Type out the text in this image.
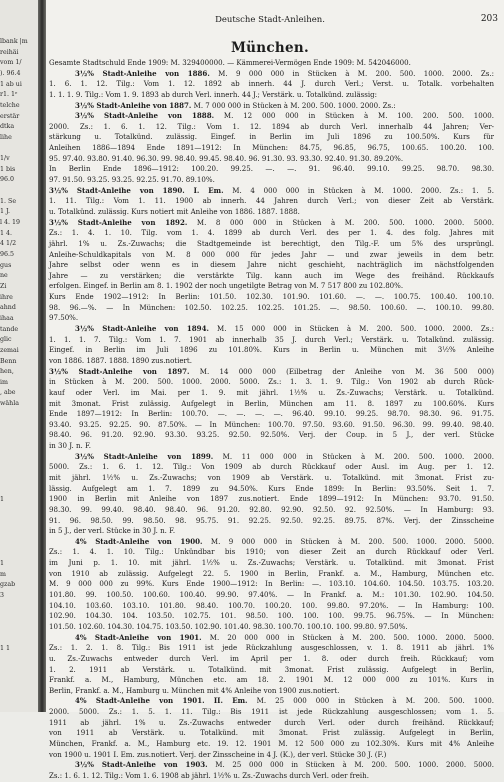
lbank |m
reihäi
vom 1/
). 96.4
1 ab ui
r1. 1ᵉ
telche
erstär
dtka
lihe
1/v
1 bis
96.0
1. Se
1 J.
l 4. 19
1 4.
4 1/2
96.5
gus
ne
Zi
ihre
ahnd
ihaa
tande
glic
zemai
Benn
hen,
im
, abe
wähla
1
1
m
gzab
3
1 1
Deutsche Stadt-Anleihen.	203
München.
Gesamte Stadtschuld Ende 1909: M. 329400000. — Kämmerei-Vermögen Ende 1909: M. 542046000.
3½% Stadt-Anleihe von 1886. M. 9 000 000 in Stücken à M. 200. 500. 1000. 2000. Zs.:
1. 6. 1. 12. Tilg.: Vom 1. 12. 1892 ab innerh. 44 J. durch Verl.; Verst. u. Totalk. vorbehalten
1. 1. 1. 9. Tilg.: Vom 1. 9. 1893 ab durch Verl. innerh. 44 J.; Verstärk. u. Totalkünd. zulässig:
3½% Stadt-Anleihe von 1887. M. 7 000 000 in Stücken à M. 200. 500. 1000. 2000. Zs.:
3½% Stadt-Anleihe von 1888. M. 12 000 000 in Stücken à M. 100. 200. 500. 1000.
2000. Zs.: 1. 6. 1. 12. Tilg.: Vom 1. 12. 1894 ab durch Verl. innerhalb 44 Jahren; Ver-
stärkung u. Totalkünd. zulässig. Eingef. in Berlin im Juli 1896 zu 100.50%. Kurs für
Anleihen 1886—1894 Ende 1891—1912: In München: 84.75, 96.85, 96.75, 100.65. 100.20. 100.
95. 97.40. 93.80. 91.40. 96.30. 99. 98.40. 99.45. 98.40. 96. 91.30. 93. 93.30. 92.40. 91.30. 89.20%.
In Berlin Ende 1896—1912: 100.20. 99.25. —. —. 91. 96.40. 99.10. 99.25. 98.70. 98.30.
97. 91.50. 93.25. 93.25. 92.25. 91.70. 89.10%.
3½% Stadt-Anleihe von 1890. I. Em. M. 4 000 000 in Stücken à M. 1000. 2000. Zs.: 1. 5.
1. 11. Tilg.: Vom 1. 11. 1900 ab innerh. 44 Jahren durch Verl.; von dieser Zeit ab Verstärk.
u. Totalkünd. zulässig. Kurs notiert mit Anleihe von 1886. 1887. 1888.
3½% Stadt-Anleihe von 1892. M. 8 000 000 in Stücken à M. 200. 500. 1000. 2000. 5000.
Zs.: 1. 4. 1. 10. Tilg. vom 1. 4. 1899 ab durch Verl. des per 1. 4. des folg. Jahres mit
jährl. 1% u. Zs.-Zuwachs; die Stadtgemeinde ist berechtigt, den Tilg.-F. um 5% des ursprüngl.
Anleihe-Schuldkapitals von M. 8 000 000 für jedes Jahr — und zwar jeweils in dem betr.
Jahre selbst oder wenn es in diesem Jahre nicht geschieht, nachträglich im nächstfolgenden
Jahre — zu verstärken; die verstärkte Tilg. kann auch im Wege des freihänd. Rückkaufs
erfolgen. Eingef. in Berlin am 8. 1. 1902 der noch ungetilgte Betrag von M. 7 517 800 zu 102.80%.
Kurs Ende 1902—1912: In Berlin: 101.50. 102.30. 101.90. 101.60. —. —. 100.75. 100.40. 100.10.
98. 96.—%. — In München: 102.50. 102.25. 102.25. 101.25. —. 98.50. 100.60. —. 100.10. 99.80.
97.50%.
3½% Stadt-Anleihe von 1894. M. 15 000 000 in Stücken à M. 200. 500. 1000. 2000. Zs.:
1. 1. 1. 7. Tilg.: Vom 1. 7. 1901 ab innerhalb 35 J. durch Verl.; Verstärk. u. Totalkünd. zulässig.
Eingef. in Berlin im Juli 1896 zu 101.80%. Kurs in Berlin u. München mit 3½% Anleihe
von 1886. 1887. 1888. 1890 zus.notiert.
3½% Stadt-Anleihe von 1897. M. 14 000 000 (Eilbetrag der Anleihe von M. 36 500 000)
in Stücken à M. 200. 500. 1000. 2000. 5000. Zs.: 1. 3. 1. 9. Tilg.: Von 1902 ab durch Rück-
kauf oder Verl. im Mai. per 1. 9. mit jährl. 1½% u. Zs.-Zuwachs; Verstärk. u. Totalkünd.
mit 3monat. Frist zulässig. Aufgelegt in Berlin, München am 11. 8. 1897 zu 100.60%. Kurs
Ende 1897—1912: In Berlin: 100.70. —. —. —. —. 96.40. 99.10. 99.25. 98.70. 98.30. 96. 91.75.
93.40. 93.25. 92.25. 90. 87.50%. — In München: 100.70. 97.50. 93.60. 91.50. 96.30. 99. 99.40. 98.40.
98.40. 96. 91.20. 92.90. 93.30. 93.25. 92.50. 92.50%. Verj. der Coup. in 5 J., der verl. Stücke
in 30 J. n. F.
3½% Stadt-Anleihe von 1899. M. 11 000 000 in Stücken à M. 200. 500. 1000. 2000.
5000. Zs.: 1. 6. 1. 12. Tilg.: Von 1909 ab durch Rückkauf oder Ausl. im Aug. per 1. 12.
mit jährl. 1½% u. Zs.-Zuwachs; von 1909 ab Verstärk. u. Totalkünd. mit 3monat. Frist zu-
lässig. Aufgelegt am 1. 7. 1899 zu 94.50%. Kurs Ende 1899: In Berlin: 93.50%. Seit 1. 7.
1900 in Berlin mit Anleihe von 1897 zus.notiert. Ende 1899—1912: In München: 93.70. 91.50.
98.30. 99. 99.40. 98.40. 98.40. 96. 91.20. 92.80. 92.90. 92.50. 92. 92.50%. — In Hamburg: 93.
91. 96. 98.50. 99. 98.50. 98. 95.75. 91. 92.25. 92.50. 92.25. 89.75. 87%. Verj. der Zinsscheine
in 5 J., der verl. Stücke in 30 J. n. F.
4% Stadt-Anleihe von 1900. M. 9 000 000 in Stücken à M. 200. 500. 1000. 2000. 5000.
Zs.: 1. 4. 1. 10. Tilg.: Unkündbar bis 1910; von dieser Zeit an durch Rückkauf oder Verl.
im Juni p. 1. 10. mit jährl. 1½% u. Zs.-Zuwachs; Verstärk. u. Totalkünd. mit 3monat. Frist
von 1910 ab zulässig. Aufgelegt 22. 5. 1900 in Berlin, Frankf. a. M., Hamburg, München etc.
M. 9 000 000 zu 99%. Kurs Ende 1900—1912: In Berlin: —. 103.10. 104.60. 104.50. 103.75. 103.20.
101.80. 99. 100.50. 100.60. 100.40. 99.90. 97.40%. — In Frankf. a. M.: 101.30. 102.90. 104.50.
104.10. 103.60. 103.10. 101.80. 98.40. 100.70. 100.20. 100. 99.80. 97.20%. — In Hamburg: 100.
102.90. 104.30. 104. 103.50. 102.75. 101. 98.50. 100. 100. 100. 99.75. 96.75%. — In München:
101.50. 102.60. 104.30. 104.75. 103.50. 102.90. 101.40. 98.30. 100.70. 100.10. 100. 99.80. 97.50%.
4% Stadt-Anleihe von 1901. M. 20 000 000 in Stücken à M. 200. 500. 1000. 2000. 5000.
Zs.: 1. 2. 1. 8. Tilg.: Bis 1911 ist jede Rückzahlung ausgeschlossen, v. 1. 8. 1911 ab jährl. 1%
u. Zs.-Zuwachs entweder durch Verl. im April per 1. 8. oder durch freih. Rückkauf; vom
1. 2. 1911 ab Verstärk. u. Totalkünd. mit 3monat. Frist zulässig. Aufgelegt in Berlin,
Frankf. a. M., Hamburg, München etc. am 18. 2. 1901 M. 12 000 000 zu 101%. Kurs in
Berlin, Frankf. a. M., Hamburg u. München mit 4% Anleihe von 1900 zus.notiert.
4% Stadt-Anleihe von 1901. II. Em. M. 25 000 000 in Stücken à M. 200. 500. 1000.
2000. 5000. Zs.: 1. 5. 1. 11. Tilg.: Bis 1911 ist jede Rückzahlung ausgeschlossen; vom 1. 5.
1911 ab jährl. 1% u. Zs.-Zuwachs entweder durch Verl. oder durch freihänd. Rückkauf;
von 1911 ab Verstärk. u. Totalkünd. mit 3monat. Frist zulässig. Aufgelegt in Berlin,
München, Frankf. a. M., Hamburg etc. 19. 12. 1901 M. 12 500 000 zu 102.30%. Kurs mit 4% Anleihe
von 1900 u. 1901 I. Em. zus.notiert. Verj. der Zinsscheine in 4 J. (K.), der verl. Stücke 30 J. (F.)
3½% Stadt-Anleihe von 1903. M. 25 000 000 in Stücken à M. 200. 500. 1000. 2000. 5000.
Zs.: 1. 6. 1. 12. Tilg.: Vom 1. 6. 1908 ab jährl. 1½% u. Zs.-Zuwachs durch Verl. oder freih.
